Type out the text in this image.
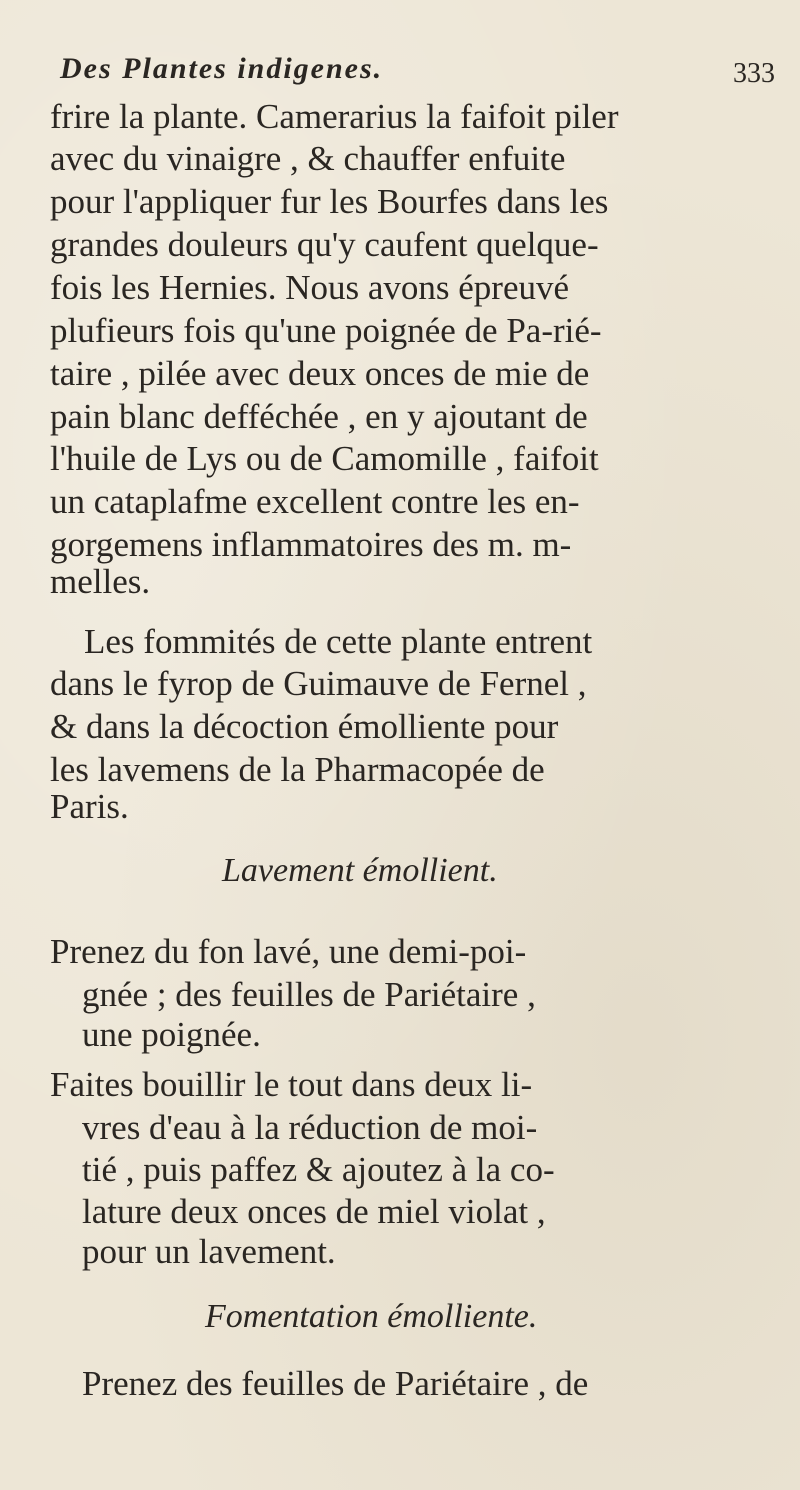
Des Plantes indigenes.	333
frire la plante. Camerarius la faifoit piler
avec du vinaigre , & chauffer enfuite
pour l'appliquer fur les Bourfes dans les
grandes douleurs qu'y caufent quelque-
fois les Hernies. Nous avons épreuvé
plufieurs fois qu'une poignée de Pa-rié-
taire , pilée avec deux onces de mie de
pain blanc defféchée , en y ajoutant de
l'huile de Lys ou de Camomille , faifoit
un cataplafme excellent contre les en-
gorgemens inflammatoires des m. m-
melles.
Les fommités de cette plante entrent
dans le fyrop de Guimauve de Fernel ,
& dans la décoction émolliente pour
les lavemens de la Pharmacopée de
Paris.
Lavement émollient.
Prenez du fon lavé, une demi-poi-
gnée ; des feuilles de Pariétaire ,
une poignée.
Faites bouillir le tout dans deux li-
vres d'eau à la réduction de moi-
tié , puis paffez & ajoutez à la co-
lature deux onces de miel violat ,
pour un lavement.
Fomentation émolliente.
Prenez des feuilles de Pariétaire , de
